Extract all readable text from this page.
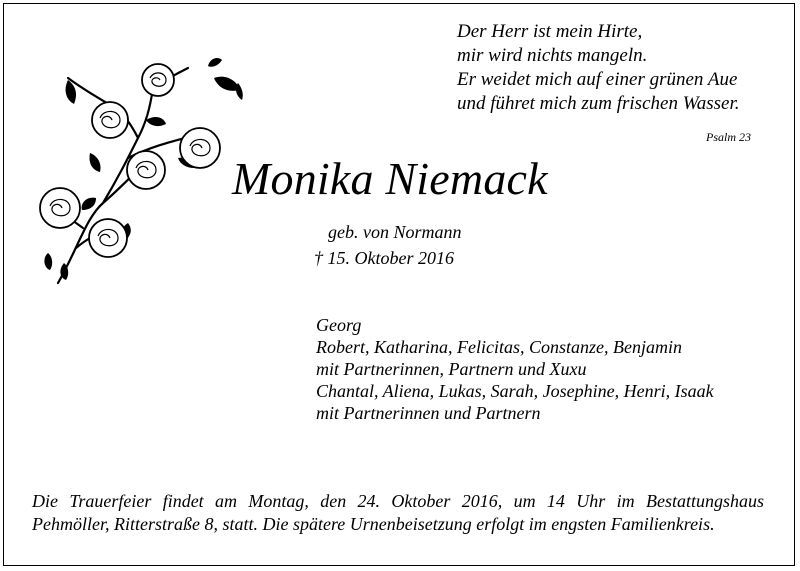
Der Herr ist mein Hirte,
mir wird nichts mangeln.
Er weidet mich auf einer grünen Aue
und führet mich zum frischen Wasser.
Psalm 23
Monika Niemack
geb. von Normann
† 15. Oktober 2016
Georg
Robert, Katharina, Felicitas, Constanze, Benjamin
mit Partnerinnen, Partnern und Xuxu
Chantal, Aliena, Lukas, Sarah, Josephine, Henri, Isaak
mit Partnerinnen und Partnern
Die Trauerfeier findet am Montag, den 24. Oktober 2016, um 14 Uhr im Bestattungshaus
Pehmöller, Ritterstraße 8, statt. Die spätere Urnenbeisetzung erfolgt im engsten Familienkreis.
